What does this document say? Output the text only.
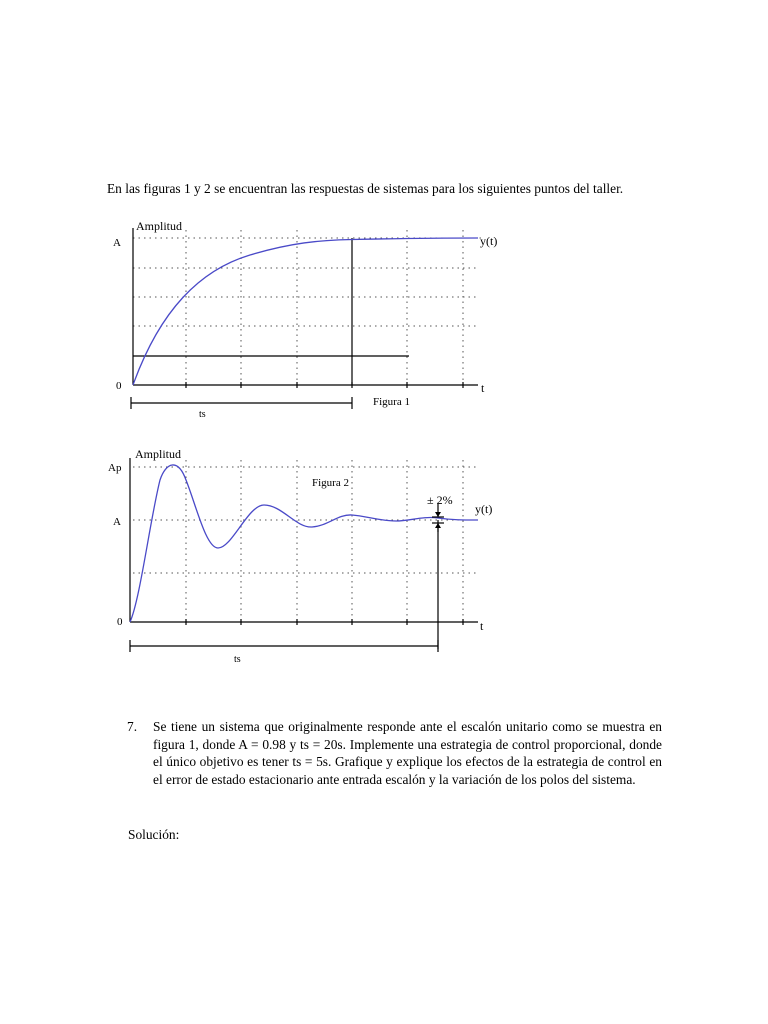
En las figuras 1 y 2 se encuentran las respuestas de sistemas para los siguientes puntos del taller.
Amplitud
A
0	t
y(t)
ts
Figura 1
Amplitud
Ap
A
0	t
y(t)
± 2%
ts
Figura 2
7. Se tiene un sistema que originalmente responde ante el escalón unitario como se muestra en figura 1, donde A = 0.98 y ts = 20s. Implemente una estrategia de control proporcional, donde el único objetivo es tener ts = 5s. Grafique y explique los efectos de la estrategia de control en el error de estado estacionario ante entrada escalón y la variación de los polos del sistema.
Solución:
